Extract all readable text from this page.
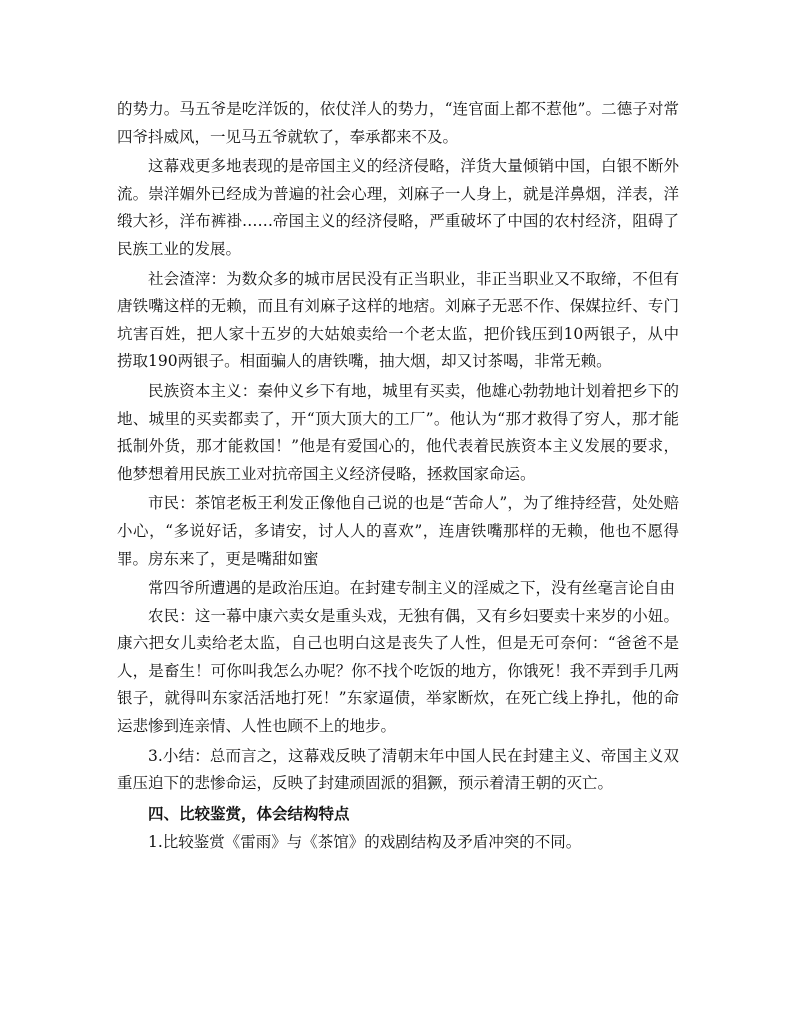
的势力。马五爷是吃洋饭的，依仗洋人的势力，“连官面上都不惹他”。二德子对常四爷抖威风，一见马五爷就软了，奉承都来不及。

这幕戏更多地表现的是帝国主义的经济侵略，洋货大量倾销中国，白银不断外流。崇洋媚外已经成为普遍的社会心理，刘麻子一人身上，就是洋鼻烟，洋表，洋缎大衫，洋布裤褂……帝国主义的经济侵略，严重破坏了中国的农村经济，阻碍了民族工业的发展。

社会渣滓：为数众多的城市居民没有正当职业，非正当职业又不取缔，不但有唐铁嘴这样的无赖，而且有刘麻子这样的地痞。刘麻子无恶不作、保媒拉纤、专门坑害百姓，把人家十五岁的大姑娘卖给一个老太监，把价钱压到10两银子，从中捞取190两银子。相面骗人的唐铁嘴，抽大烟，却又讨茶喝，非常无赖。

民族资本主义：秦仲义乡下有地，城里有买卖，他雄心勃勃地计划着把乡下的地、城里的买卖都卖了，开“顶大顶大的工厂”。他认为“那才救得了穷人，那才能抵制外货，那才能救国！”他是有爱国心的，他代表着民族资本主义发展的要求，他梦想着用民族工业对抗帝国主义经济侵略，拯救国家命运。

市民：茶馆老板王利发正像他自己说的也是“苦命人”，为了维持经营，处处赔小心，“多说好话，多请安，讨人人的喜欢”，连唐铁嘴那样的无赖，他也不愿得罪。房东来了，更是嘴甜如蜜

常四爷所遭遇的是政治压迫。在封建专制主义的淫威之下，没有丝毫言论自由

农民：这一幕中康六卖女是重头戏，无独有偶，又有乡妇要卖十来岁的小妞。康六把女儿卖给老太监，自己也明白这是丧失了人性，但是无可奈何：“爸爸不是人，是畜生！可你叫我怎么办呢？你不找个吃饭的地方，你饿死！我不弄到手几两银子，就得叫东家活活地打死！”东家逼债，举家断炊，在死亡线上挣扎，他的命运悲惨到连亲情、人性也顾不上的地步。

3.小结：总而言之，这幕戏反映了清朝末年中国人民在封建主义、帝国主义双重压迫下的悲惨命运，反映了封建顽固派的猖獗，预示着清王朝的灭亡。

四、比较鉴赏，体会结构特点

1.比较鉴赏《雷雨》与《茶馆》的戏剧结构及矛盾冲突的不同。
